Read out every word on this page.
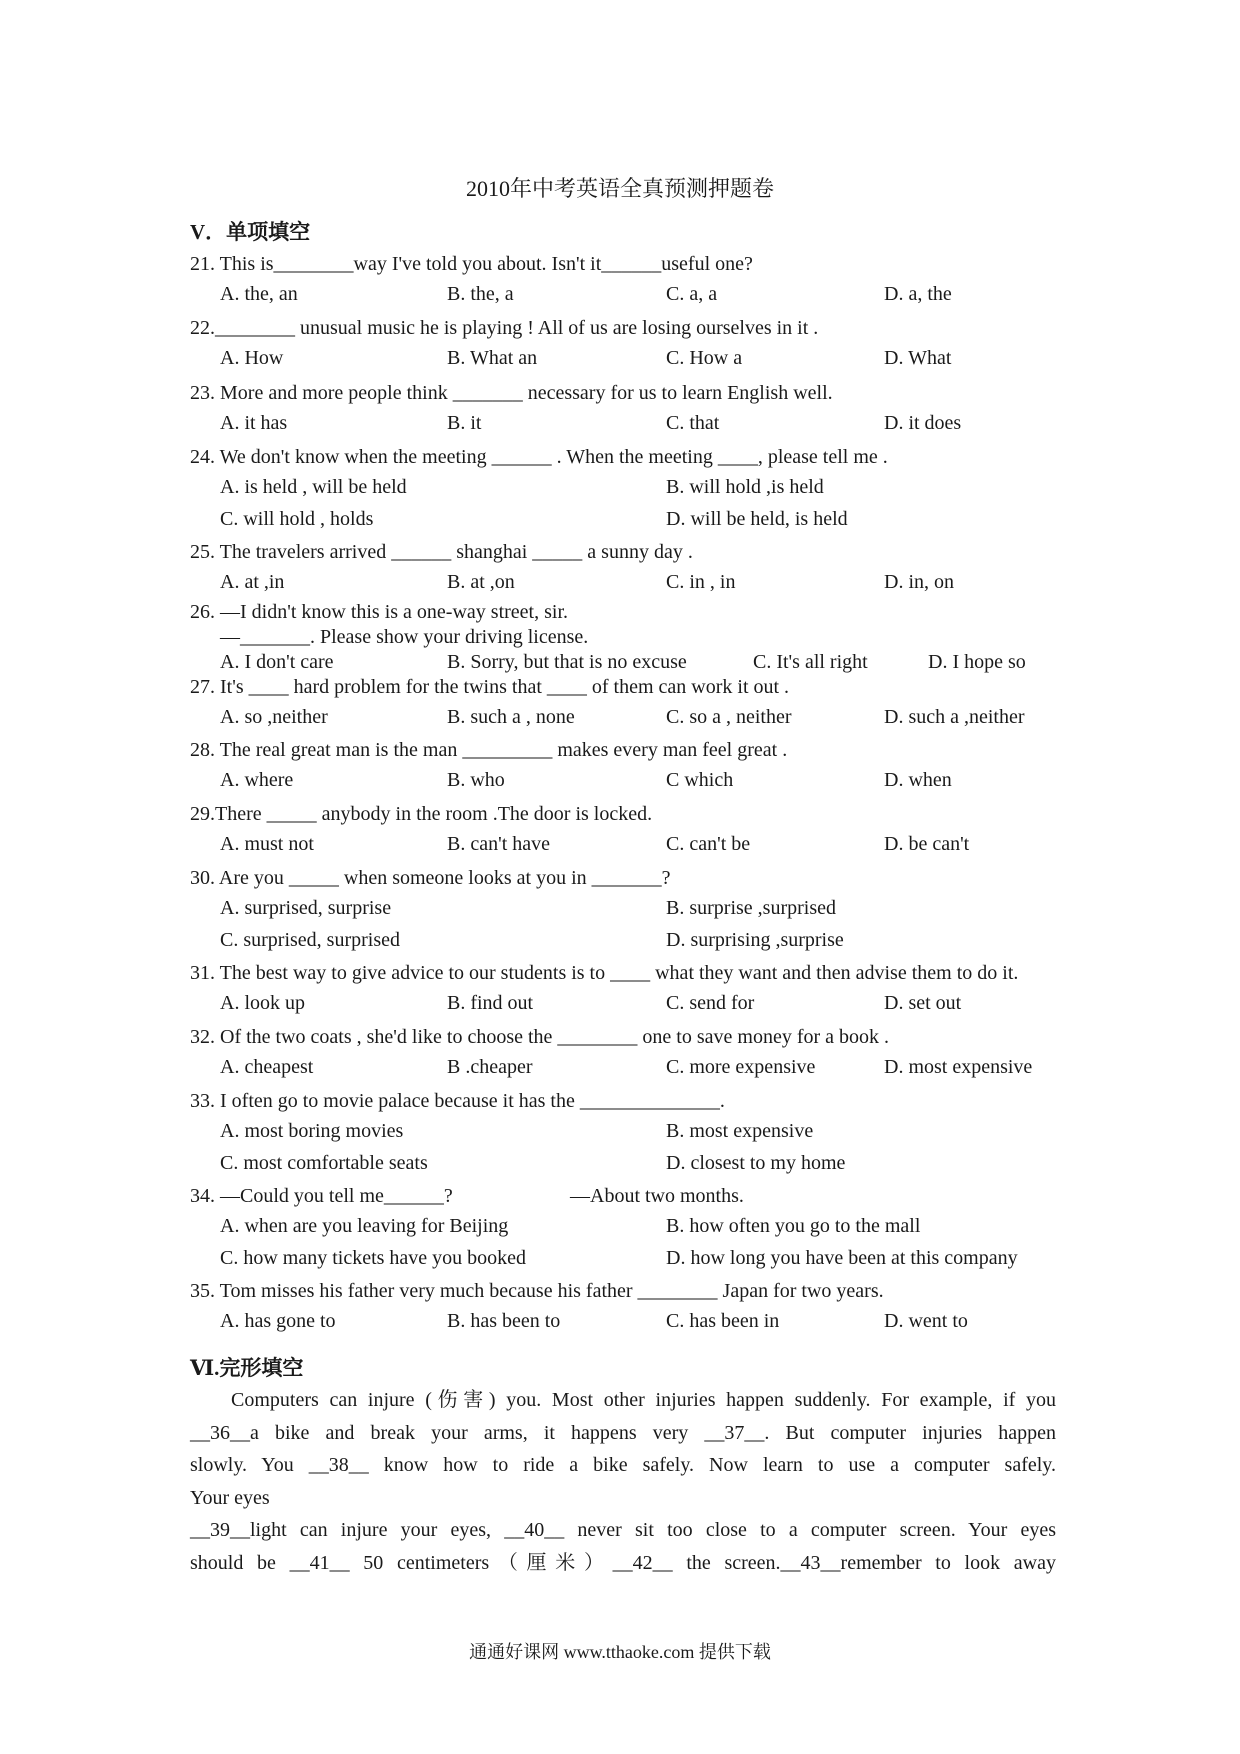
2010年中考英语全真预测押题卷
V．单项填空
21. This is________way I've told you about. Isn't it______useful one?
A. the, an	B. the, a	C. a, a	D. a, the
22.________ unusual music he is playing ! All of us are losing ourselves in it .
A. How	B. What an	C. How a	D. What
23. More and more people think _______ necessary for us to learn English well.
A. it has	B. it	C. that	D. it does
24. We don't know when the meeting ______ . When the meeting ____, please tell me .
A. is held , will be held	B. will hold ,is held
C. will hold , holds	D. will be held, is held
25. The travelers arrived ______ shanghai _____ a sunny day .
A. at ,in	B. at ,on	C. in , in	D. in, on
26. —I didn't know this is a one-way street, sir.
—_______. Please show your driving license.
A. I don't care	B. Sorry, but that is no excuse	C. It's all right	D. I hope so
27. It's ____ hard problem for the twins that ____ of them can work it out .
A. so ,neither	B. such a , none	C. so a , neither	D. such a ,neither
28. The real great man is the man _________ makes every man feel great .
A. where	B. who	C which	D. when
29.There _____ anybody in the room .The door is locked.
A. must not	B. can't have	C. can't be	D. be can't
30. Are you _____ when someone looks at you in _______?
A. surprised, surprise	B. surprise ,surprised
C. surprised, surprised	D. surprising ,surprise
31. The best way to give advice to our students is to ____ what they want and then advise them to do it.
A. look up	B. find out	C. send for	D. set out
32. Of the two coats , she'd like to choose the ________ one to save money for a book .
A. cheapest	B .cheaper	C. more expensive	D. most expensive
33. I often go to movie palace because it has the ______________.
A. most boring movies	B. most expensive
C. most comfortable seats	D. closest to my home
34. —Could you tell me______?	—About two months.
A. when are you leaving for Beijing	B. how often you go to the mall
C. how many tickets have you booked	D. how long you have been at this company
35. Tom misses his father very much because his father ________ Japan for two years.
A. has gone to	B. has been to	C. has been in	D. went to
Ⅵ.完形填空
Computers can injure (伤害) you. Most other injuries happen suddenly. For example, if you
__36__a bike and break your arms, it happens very __37__. But computer injuries happen
slowly. You __38__ know how to ride a bike safely. Now learn to use a computer safely.
Your eyes
__39__light can injure your eyes, __40__ never sit too close to a computer screen. Your eyes
should be __41__ 50 centimeters（厘米）__42__ the screen.__43__remember to look away
通通好课网 www.tthaoke.com 提供下载
